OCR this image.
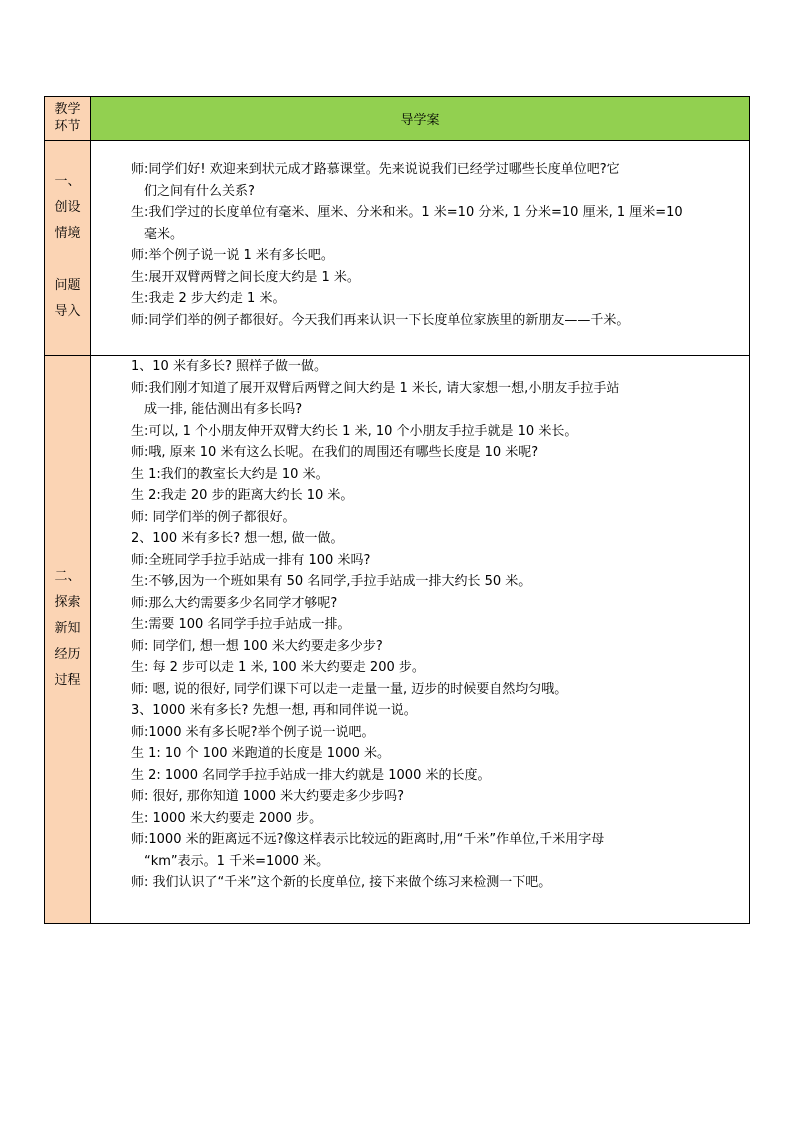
教学
环节	导学案
一、
创设
情境
问题
导入
师:同学们好! 欢迎来到状元成才路慕课堂。先来说说我们已经学过哪些长度单位吧?它
们之间有什么关系?
生:我们学过的长度单位有毫米、厘米、分米和米。1 米=10 分米, 1 分米=10 厘米, 1 厘米=10
毫米。
师:举个例子说一说 1 米有多长吧。
生:展开双臂两臂之间长度大约是 1 米。
生:我走 2 步大约走 1 米。
师:同学们举的例子都很好。今天我们再来认识一下长度单位家族里的新朋友——千米。
二、
探索
新知
经历
过程
1、10 米有多长? 照样子做一做。
师:我们刚才知道了展开双臂后两臂之间大约是 1 米长, 请大家想一想,小朋友手拉手站
成一排, 能估测出有多长吗?
生:可以, 1 个小朋友伸开双臂大约长 1 米, 10 个小朋友手拉手就是 10 米长。
师:哦, 原来 10 米有这么长呢。在我们的周围还有哪些长度是 10 米呢?
生 1:我们的教室长大约是 10 米。
生 2:我走 20 步的距离大约长 10 米。
师: 同学们举的例子都很好。
2、100 米有多长? 想一想, 做一做。
师:全班同学手拉手站成一排有 100 米吗?
生:不够,因为一个班如果有 50 名同学,手拉手站成一排大约长 50 米。
师:那么大约需要多少名同学才够呢?
生:需要 100 名同学手拉手站成一排。
师: 同学们, 想一想 100 米大约要走多少步?
生: 每 2 步可以走 1 米, 100 米大约要走 200 步。
师: 嗯, 说的很好, 同学们课下可以走一走量一量, 迈步的时候要自然均匀哦。
3、1000 米有多长? 先想一想, 再和同伴说一说。
师:1000 米有多长呢?举个例子说一说吧。
生 1: 10 个 100 米跑道的长度是 1000 米。
生 2: 1000 名同学手拉手站成一排大约就是 1000 米的长度。
师: 很好, 那你知道 1000 米大约要走多少步吗?
生: 1000 米大约要走 2000 步。
师:1000 米的距离远不远?像这样表示比较远的距离时,用“千米”作单位,千米用字母
“km”表示。1 千米=1000 米。
师: 我们认识了“千米”这个新的长度单位, 接下来做个练习来检测一下吧。
